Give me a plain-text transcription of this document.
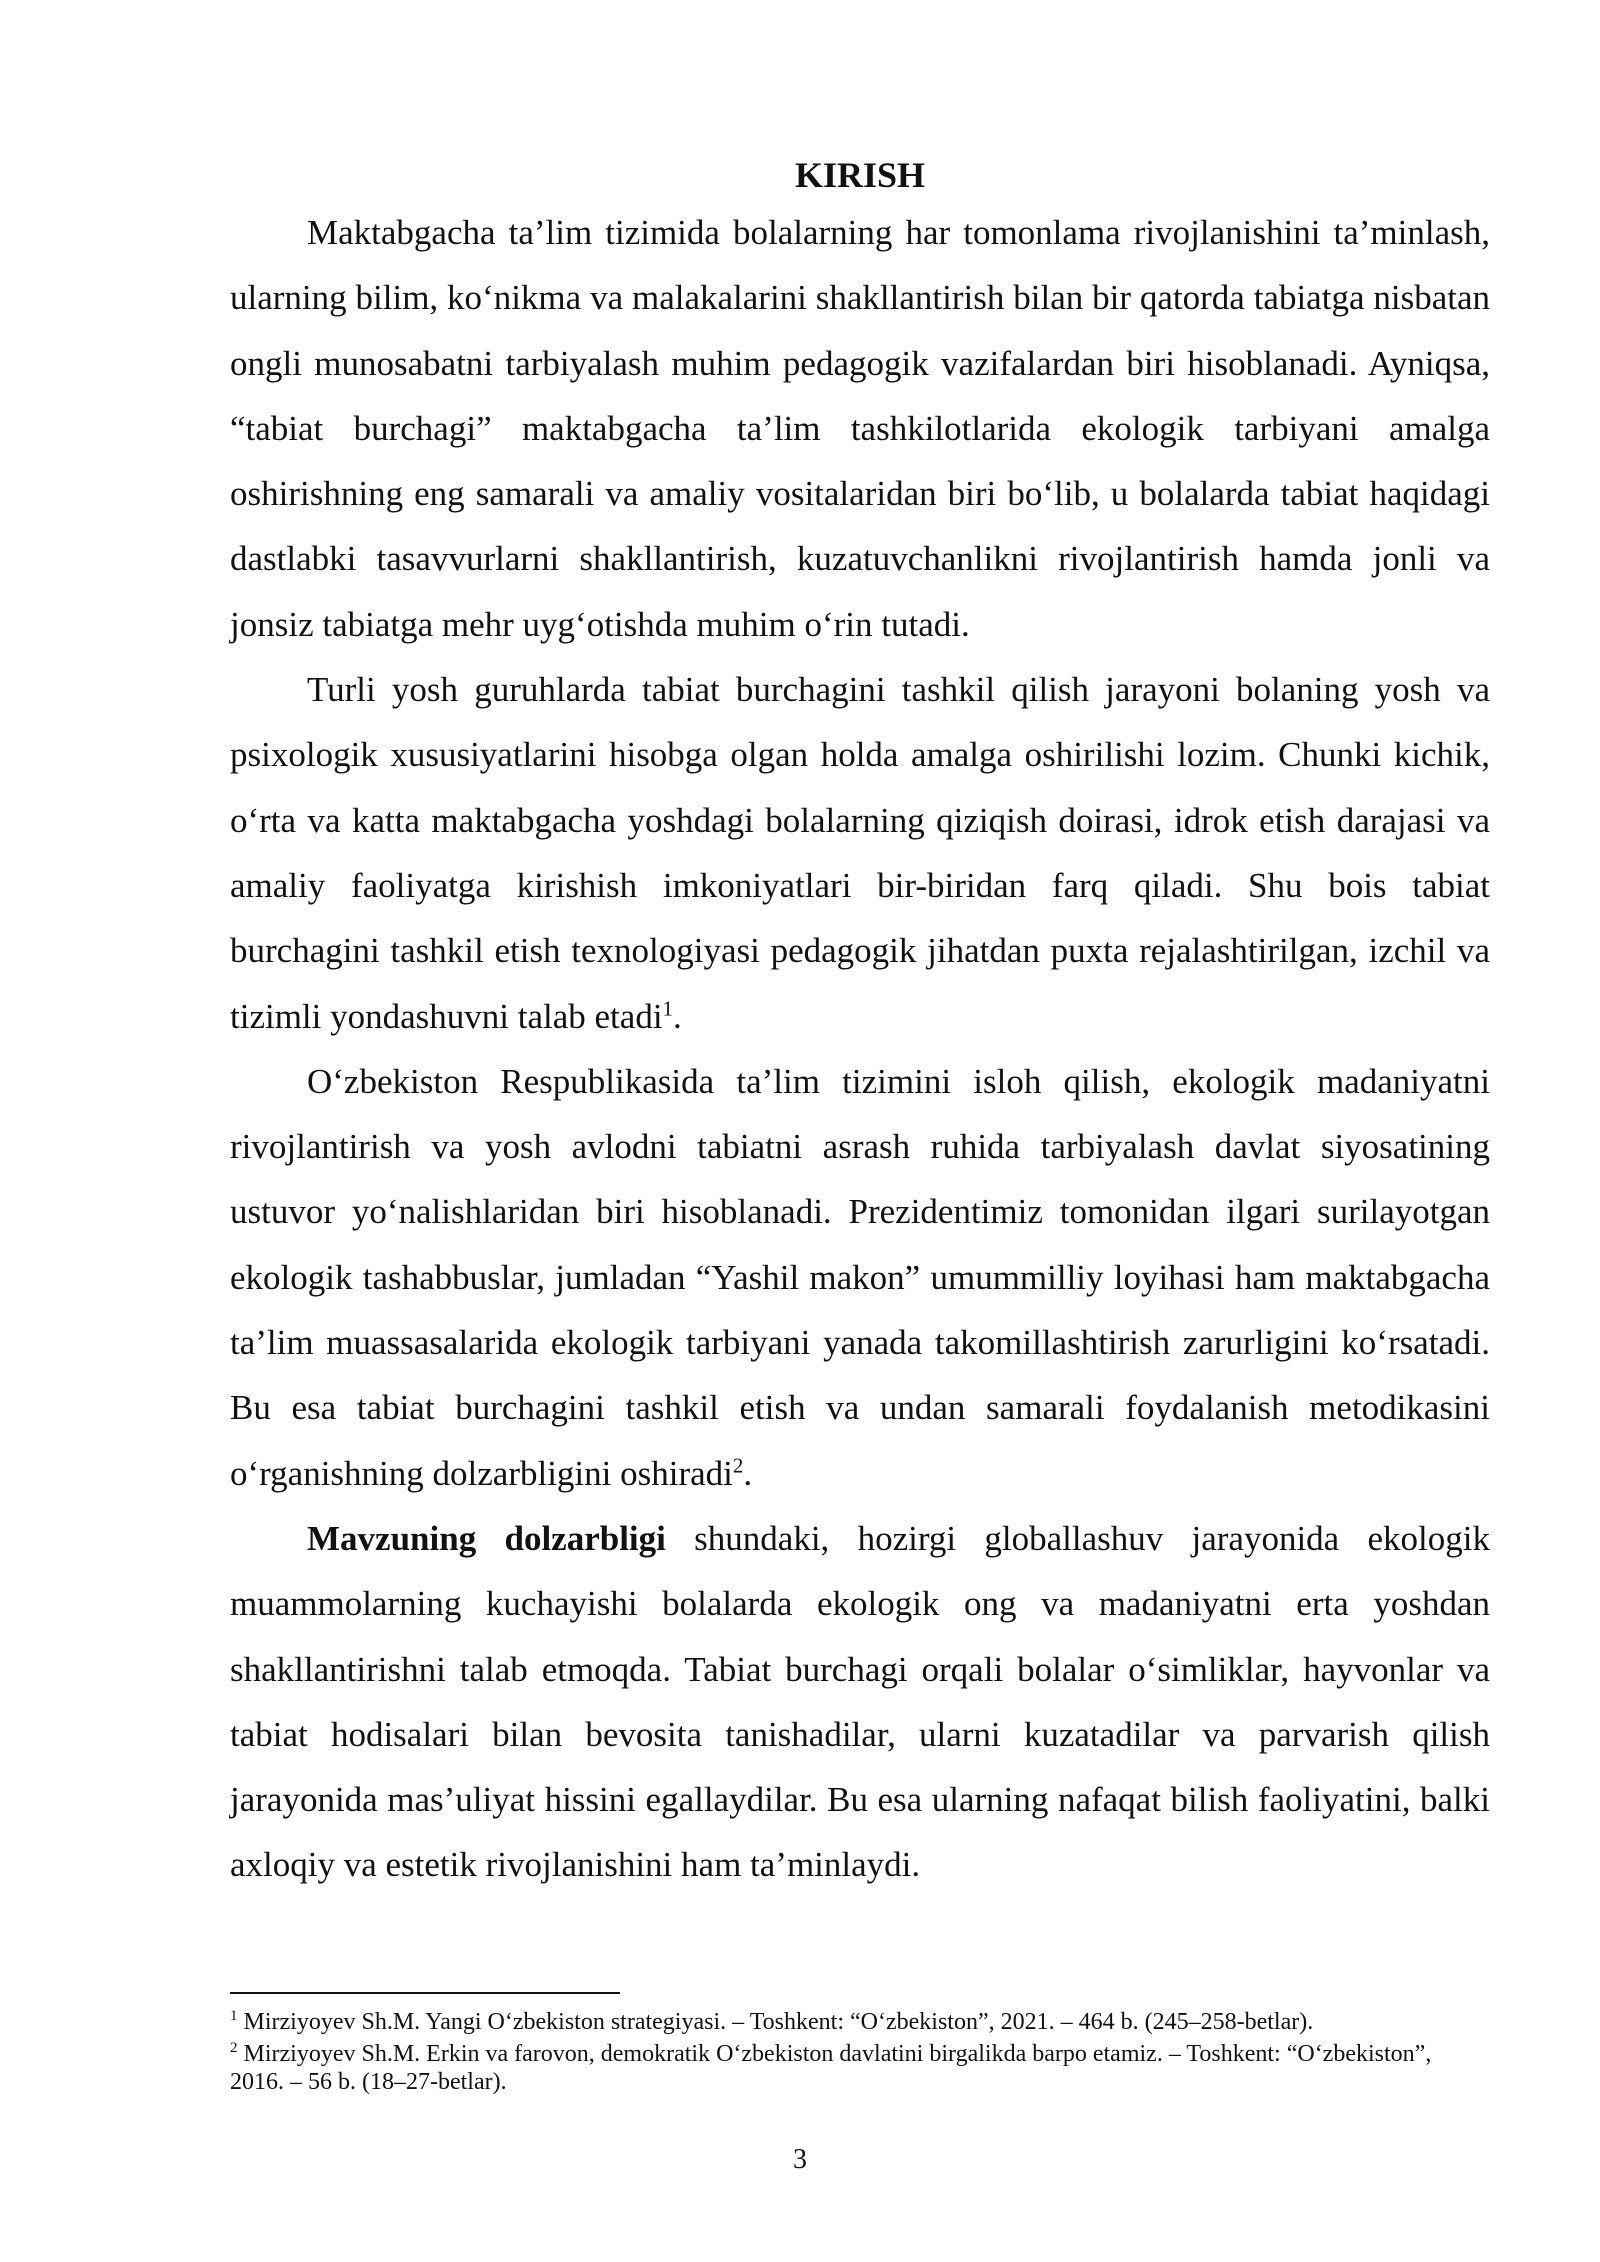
KIRISH

Maktabgacha ta’lim tizimida bolalarning har tomonlama rivojlanishini ta’minlash, ularning bilim, ko‘nikma va malakalarini shakllantirish bilan bir qatorda tabiatga nisbatan ongli munosabatni tarbiyalash muhim pedagogik vazifalardan biri hisoblanadi. Ayniqsa, “tabiat burchagi” maktabgacha ta’lim tashkilotlarida ekologik tarbiyani amalga oshirishning eng samarali va amaliy vositalaridan biri bo‘lib, u bolalarda tabiat haqidagi dastlabki tasavvurlarni shakllantirish, kuzatuvchanlikni rivojlantirish hamda jonli va jonsiz tabiatga mehr uyg‘otishda muhim o‘rin tutadi.

Turli yosh guruhlarda tabiat burchagini tashkil qilish jarayoni bolaning yosh va psixologik xususiyatlarini hisobga olgan holda amalga oshirilishi lozim. Chunki kichik, o‘rta va katta maktabgacha yoshdagi bolalarning qiziqish doirasi, idrok etish darajasi va amaliy faoliyatga kirishish imkoniyatlari bir-biridan farq qiladi. Shu bois tabiat burchagini tashkil etish texnologiyasi pedagogik jihatdan puxta rejalashtirilgan, izchil va tizimli yondashuvni talab etadi$^1$.

O‘zbekiston Respublikasida ta’lim tizimini isloh qilish, ekologik madaniyatni rivojlantirish va yosh avlodni tabiatni asrash ruhida tarbiyalash davlat siyosatining ustuvor yo‘nalishlaridan biri hisoblanadi. Prezidentimiz tomonidan ilgari surilayotgan ekologik tashabbuslar, jumladan “Yashil makon” umummilliy loyihasi ham maktabgacha ta’lim muassasalarida ekologik tarbiyani yanada takomillashtirish zarurligini ko‘rsatadi. Bu esa tabiat burchagini tashkil etish va undan samarali foydalanish metodikasini o‘rganishning dolzarbligini oshiradi$^2$.

Mavzuning dolzarbligi shundaki, hozirgi globallashuv jarayonida ekologik muammolarning kuchayishi bolalarda ekologik ong va madaniyatni erta yoshdan shakllantirishni talab etmoqda. Tabiat burchagi orqali bolalar o‘simliklar, hayvonlar va tabiat hodisalari bilan bevosita tanishadilar, ularni kuzatadilar va parvarish qilish jarayonida mas’uliyat hissini egallaydilar. Bu esa ularning nafaqat bilish faoliyatini, balki axloqiy va estetik rivojlanishini ham ta’minlaydi.

$^1$ Mirziyoyev Sh.M. Yangi O‘zbekiston strategiyasi. – Toshkent: “O‘zbekiston”, 2021. – 464 b. (245–258-betlar).

$^2$ Mirziyoyev Sh.M. Erkin va farovon, demokratik O‘zbekiston davlatini birgalikda barpo etamiz. – Toshkent: “O‘zbekiston”, 2016. – 56 b. (18–27-betlar).

3
